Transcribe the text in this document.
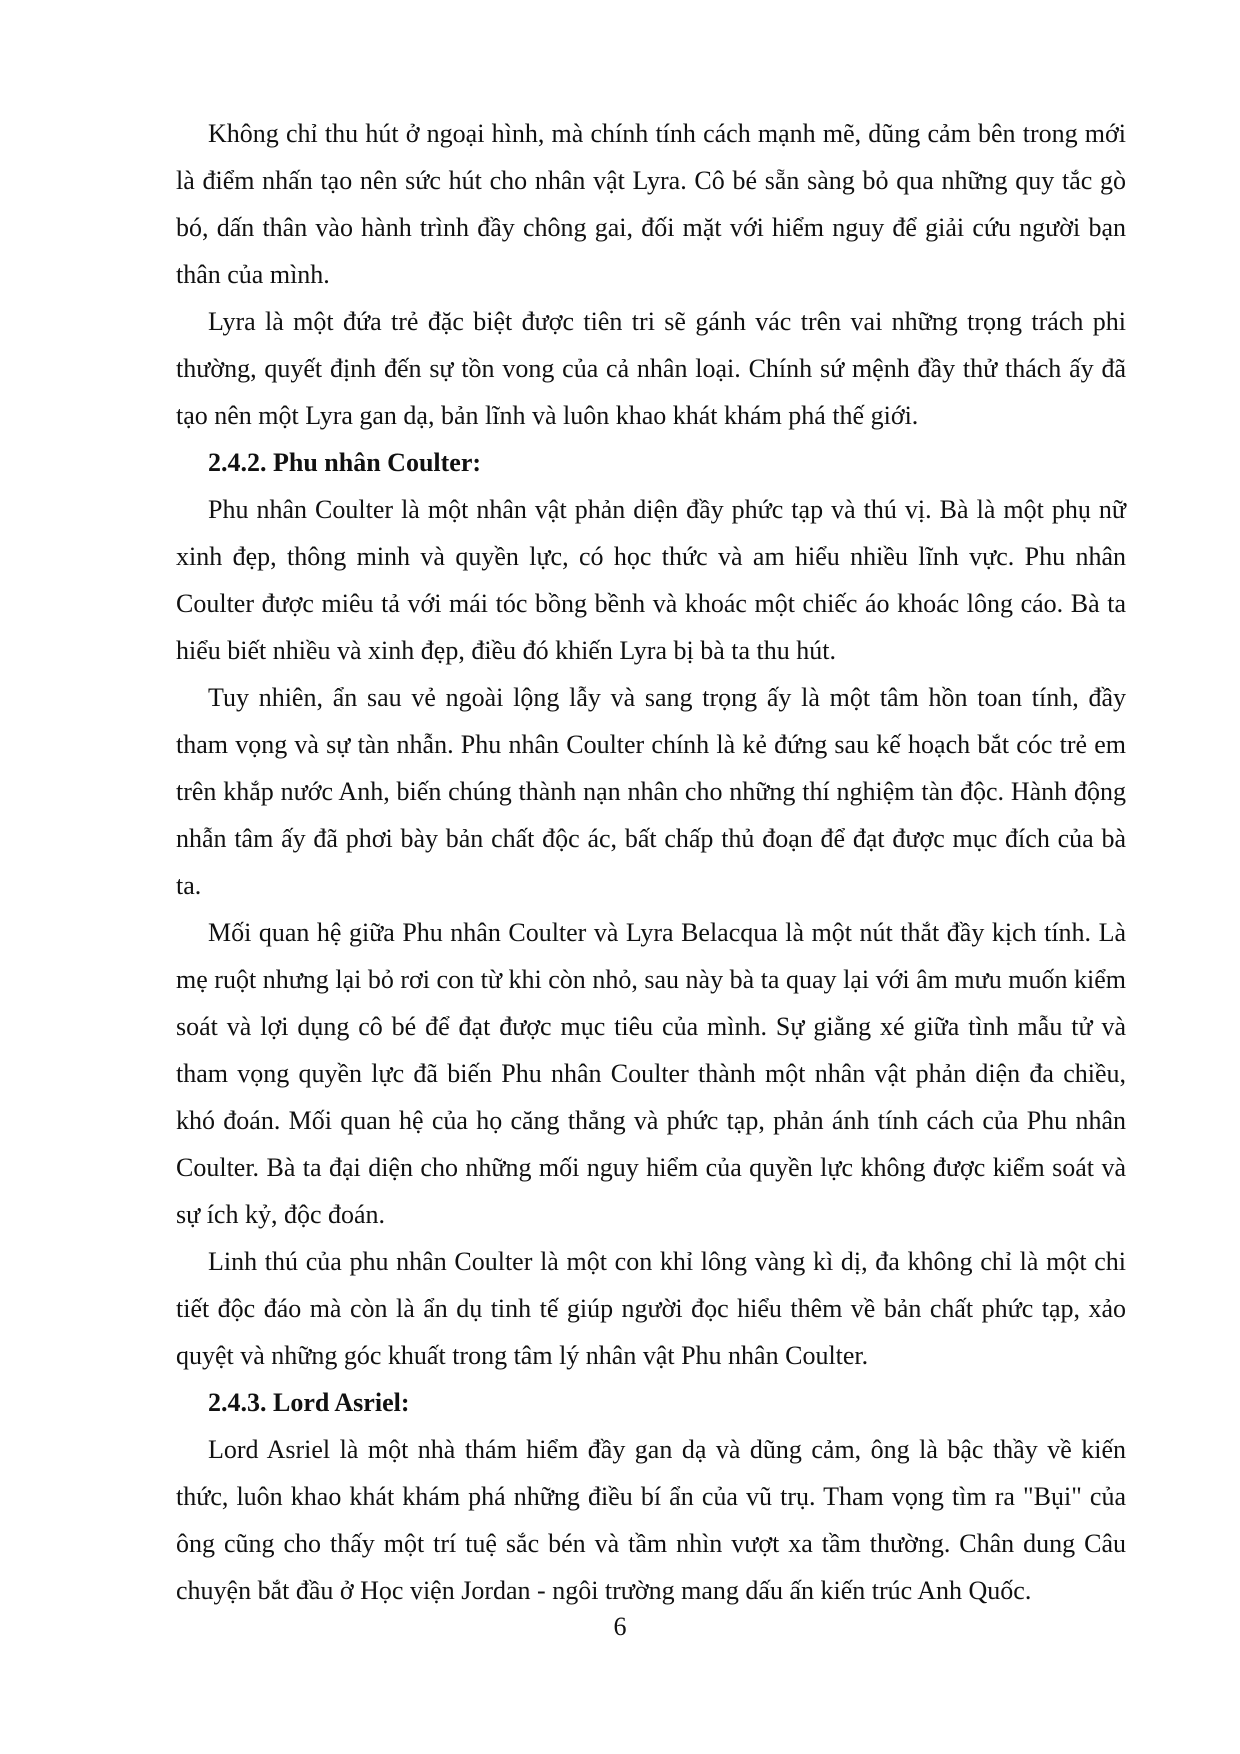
Không chỉ thu hút ở ngoại hình, mà chính tính cách mạnh mẽ, dũng cảm bên trong mới là điểm nhấn tạo nên sức hút cho nhân vật Lyra. Cô bé sẵn sàng bỏ qua những quy tắc gò bó, dấn thân vào hành trình đầy chông gai, đối mặt với hiểm nguy để giải cứu người bạn thân của mình.

Lyra là một đứa trẻ đặc biệt được tiên tri sẽ gánh vác trên vai những trọng trách phi thường, quyết định đến sự tồn vong của cả nhân loại. Chính sứ mệnh đầy thử thách ấy đã tạo nên một Lyra gan dạ, bản lĩnh và luôn khao khát khám phá thế giới.

2.4.2. Phu nhân Coulter:

Phu nhân Coulter là một nhân vật phản diện đầy phức tạp và thú vị. Bà là một phụ nữ xinh đẹp, thông minh và quyền lực, có học thức và am hiểu nhiều lĩnh vực. Phu nhân Coulter được miêu tả với mái tóc bồng bềnh và khoác một chiếc áo khoác lông cáo. Bà ta hiểu biết nhiều và xinh đẹp, điều đó khiến Lyra bị bà ta thu hút.

Tuy nhiên, ẩn sau vẻ ngoài lộng lẫy và sang trọng ấy là một tâm hồn toan tính, đầy tham vọng và sự tàn nhẫn. Phu nhân Coulter chính là kẻ đứng sau kế hoạch bắt cóc trẻ em trên khắp nước Anh, biến chúng thành nạn nhân cho những thí nghiệm tàn độc. Hành động nhẫn tâm ấy đã phơi bày bản chất độc ác, bất chấp thủ đoạn để đạt được mục đích của bà ta.

Mối quan hệ giữa Phu nhân Coulter và Lyra Belacqua là một nút thắt đầy kịch tính. Là mẹ ruột nhưng lại bỏ rơi con từ khi còn nhỏ, sau này bà ta quay lại với âm mưu muốn kiểm soát và lợi dụng cô bé để đạt được mục tiêu của mình. Sự giằng xé giữa tình mẫu tử và tham vọng quyền lực đã biến Phu nhân Coulter thành một nhân vật phản diện đa chiều, khó đoán. Mối quan hệ của họ căng thẳng và phức tạp, phản ánh tính cách của Phu nhân Coulter. Bà ta đại diện cho những mối nguy hiểm của quyền lực không được kiểm soát và sự ích kỷ, độc đoán.

Linh thú của phu nhân Coulter là một con khỉ lông vàng kì dị, đa không chỉ là một chi tiết độc đáo mà còn là ẩn dụ tinh tế giúp người đọc hiểu thêm về bản chất phức tạp, xảo quyệt và những góc khuất trong tâm lý nhân vật Phu nhân Coulter.

2.4.3. Lord Asriel:

Lord Asriel là một nhà thám hiểm đầy gan dạ và dũng cảm, ông là bậc thầy về kiến thức, luôn khao khát khám phá những điều bí ẩn của vũ trụ. Tham vọng tìm ra "Bụi" của ông cũng cho thấy một trí tuệ sắc bén và tầm nhìn vượt xa tầm thường. Chân dung Câu chuyện bắt đầu ở Học viện Jordan - ngôi trường mang dấu ấn kiến trúc Anh Quốc.

6
